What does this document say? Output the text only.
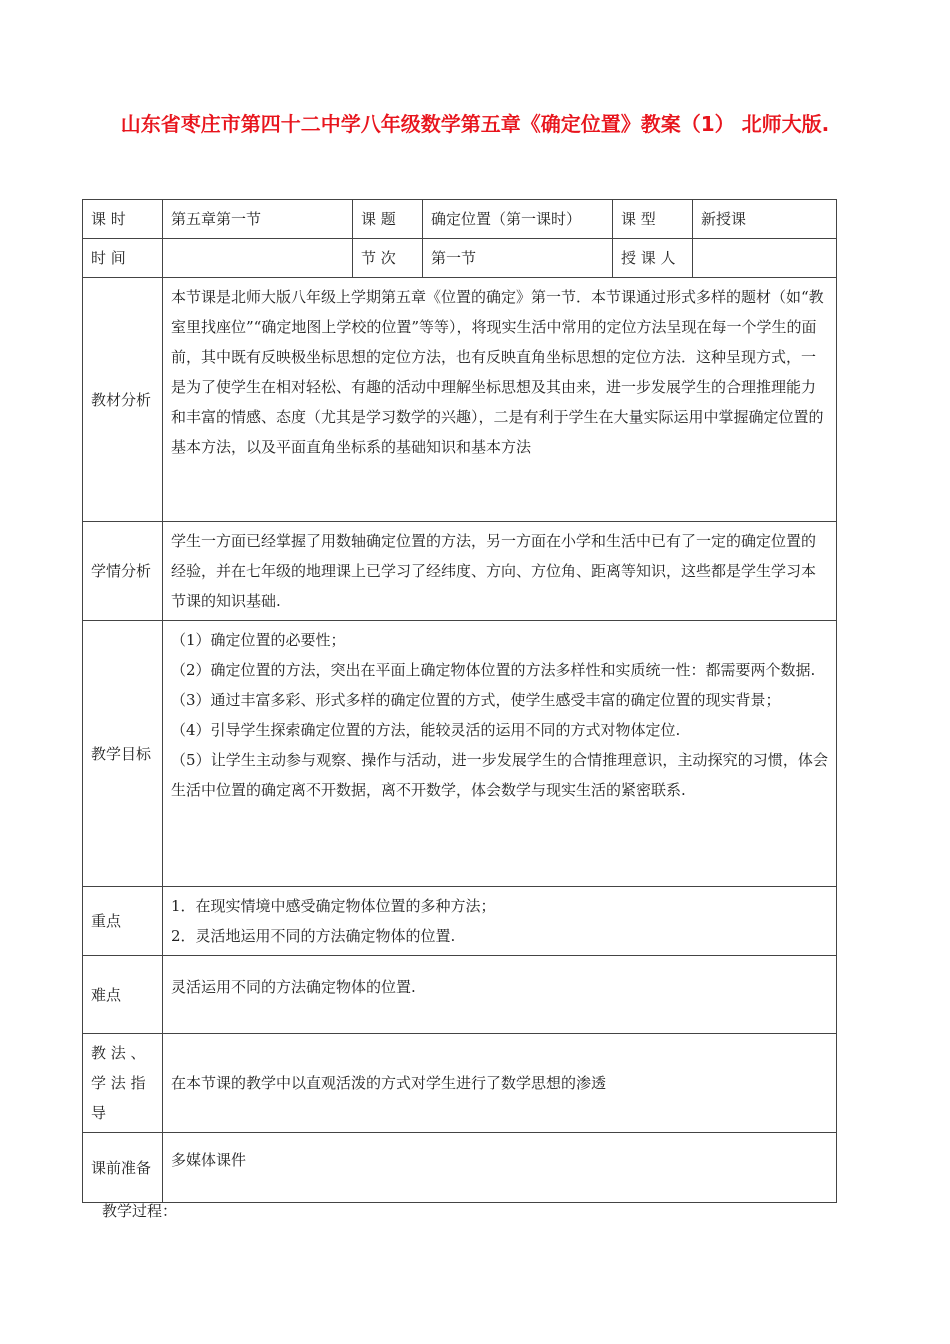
山东省枣庄市第四十二中学八年级数学第五章《确定位置》教案（1） 北师大版.
课 时	第五章第一节	课 题	确定位置（第一课时）	课 型	新授课
时 间		节 次	第一节	授 课 人	
教材分析	本节课是北师大版八年级上学期第五章《位置的确定》第一节．本节课通过形式多样的题材（如“教室里找座位”“确定地图上学校的位置”等等），将现实生活中常用的定位方法呈现在每一个学生的面前，其中既有反映极坐标思想的定位方法，也有反映直角坐标思想的定位方法．这种呈现方式，一是为了使学生在相对轻松、有趣的活动中理解坐标思想及其由来，进一步发展学生的合理推理能力和丰富的情感、态度（尤其是学习数学的兴趣），二是有利于学生在大量实际运用中掌握确定位置的基本方法，以及平面直角坐标系的基础知识和基本方法				
学情分析	学生一方面已经掌握了用数轴确定位置的方法，另一方面在小学和生活中已有了一定的确定位置的经验，并在七年级的地理课上已学习了经纬度、方向、方位角、距离等知识，这些都是学生学习本节课的知识基础.				
教学目标	（1）确定位置的必要性；

（2）确定位置的方法，突出在平面上确定物体位置的方法多样性和实质统一性：都需要两个数据.

（3）通过丰富多彩、形式多样的确定位置的方式，使学生感受丰富的确定位置的现实背景；

（4）引导学生探索确定位置的方法，能较灵活的运用不同的方式对物体定位.

（5）让学生主动参与观察、操作与活动，进一步发展学生的合情推理意识，主动探究的习惯，体会生活中位置的确定离不开数据，离不开数学，体会数学与现实生活的紧密联系.				

重点	1．在现实情境中感受确定物体位置的多种方法；

2．灵活地运用不同的方法确定物体的位置.				

难点	灵活运用不同的方法确定物体的位置.				
教 法 、 学 法 指 导	在本节课的教学中以直观活泼的方式对学生进行了数学思想的渗透				
课前准备	多媒体课件				
教学过程：
